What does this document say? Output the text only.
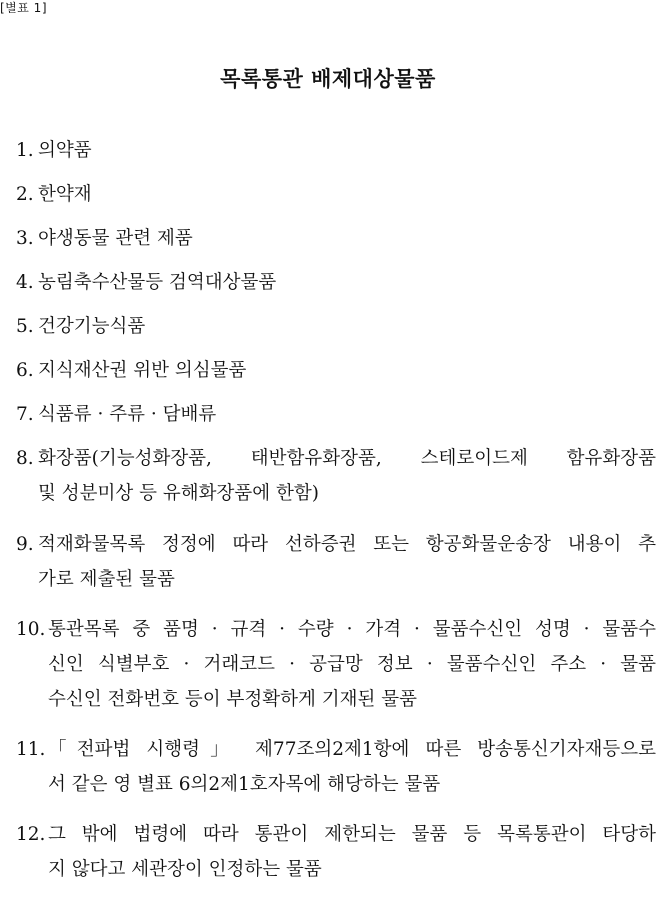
[별표 1]
목록통관 배제대상물품
1. 의약품
2. 한약재
3. 야생동물 관련 제품
4. 농림축수산물등 검역대상물품
5. 건강기능식품
6. 지식재산권 위반 의심물품
7. 식품류 · 주류 · 담배류
8. 화장품(기능성화장품, 태반함유화장품, 스테로이드제 함유화장품
및 성분미상 등 유해화장품에 한함)
9. 적재화물목록 정정에 따라 선하증권 또는 항공화물운송장 내용이 추
가로 제출된 물품
10. 통관목록 중 품명 · 규격 · 수량 · 가격 · 물품수신인 성명 · 물품수
신인 식별부호 · 거래코드 · 공급망 정보 · 물품수신인 주소 · 물품
수신인 전화번호 등이 부정확하게 기재된 물품
11. 「전파법 시행령」 제77조의2제1항에 따른 방송통신기자재등으로
서 같은 영 별표 6의2제1호자목에 해당하는 물품
12. 그 밖에 법령에 따라 통관이 제한되는 물품 등 목록통관이 타당하
지 않다고 세관장이 인정하는 물품
